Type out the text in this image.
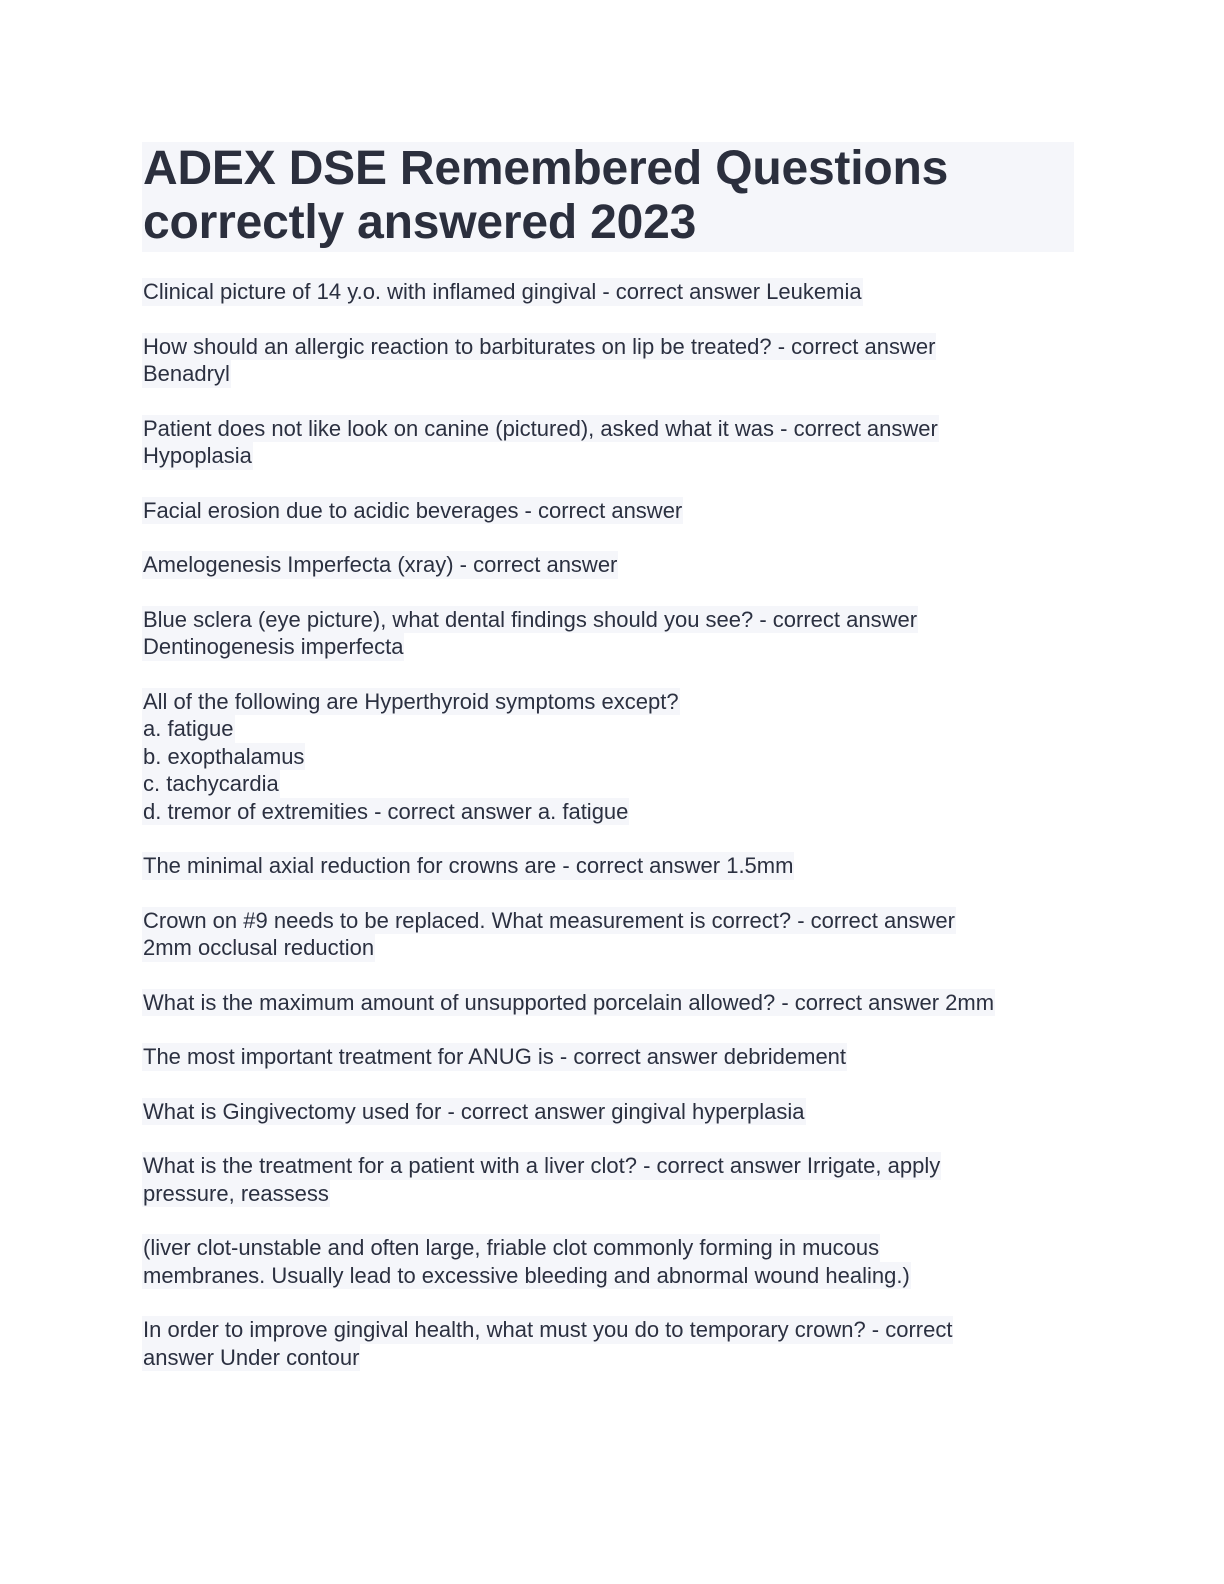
ADEX DSE Remembered Questions
correctly answered 2023

Clinical picture of 14 y.o. with inflamed gingival - correct answer Leukemia

How should an allergic reaction to barbiturates on lip be treated? - correct answer
Benadryl

Patient does not like look on canine (pictured), asked what it was - correct answer
Hypoplasia

Facial erosion due to acidic beverages - correct answer

Amelogenesis Imperfecta (xray) - correct answer

Blue sclera (eye picture), what dental findings should you see? - correct answer
Dentinogenesis imperfecta

All of the following are Hyperthyroid symptoms except?
a. fatigue
b. exopthalamus
c. tachycardia
d. tremor of extremities - correct answer a. fatigue

The minimal axial reduction for crowns are - correct answer 1.5mm

Crown on #9 needs to be replaced. What measurement is correct? - correct answer
2mm occlusal reduction

What is the maximum amount of unsupported porcelain allowed? - correct answer 2mm

The most important treatment for ANUG is - correct answer debridement

What is Gingivectomy used for - correct answer gingival hyperplasia

What is the treatment for a patient with a liver clot? - correct answer Irrigate, apply
pressure, reassess

(liver clot-unstable and often large, friable clot commonly forming in mucous
membranes. Usually lead to excessive bleeding and abnormal wound healing.)

In order to improve gingival health, what must you do to temporary crown? - correct
answer Under contour
